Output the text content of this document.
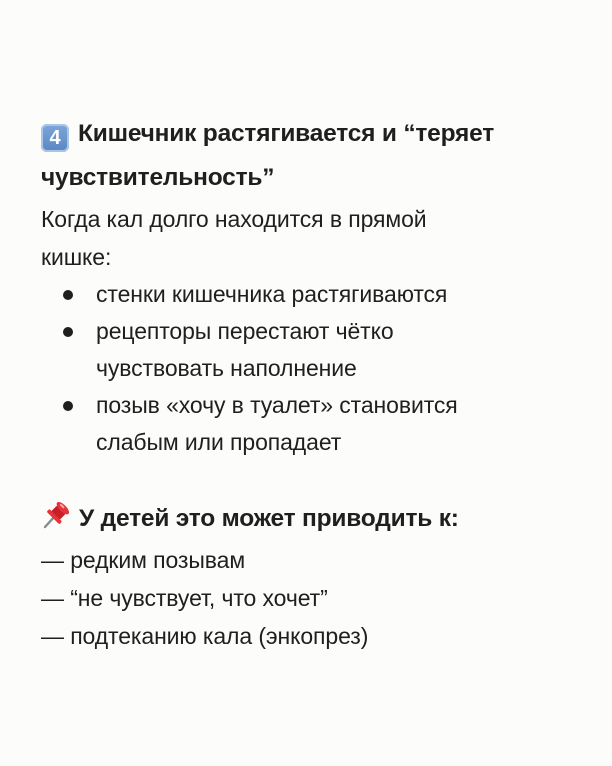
4 Кишечник растягивается и “теряет
чувствительность”
Когда кал долго находится в прямой
кишке:
стенки кишечника растягиваются
рецепторы перестают чётко
чувствовать наполнение
позыв «хочу в туалет» становится
слабым или пропадает
У детей это может приводить к:
— редким позывам
— “не чувствует, что хочет”
— подтеканию кала (энкопрез)
